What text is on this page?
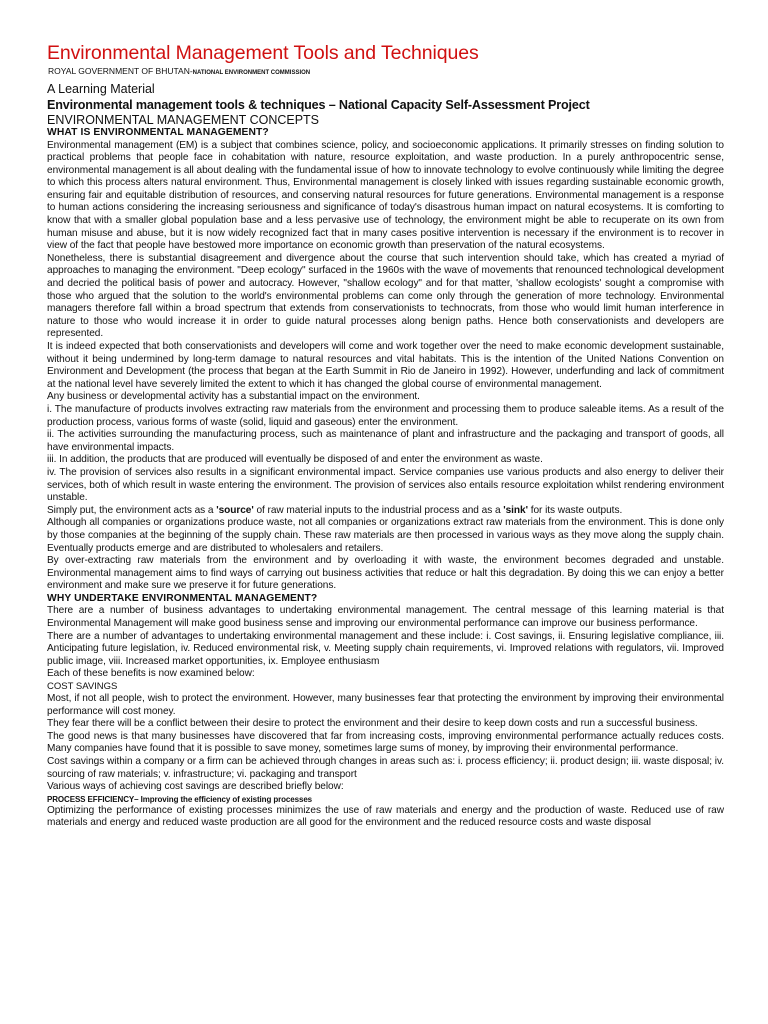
Environmental Management Tools and Techniques

ROYAL GOVERNMENT OF BHUTAN-NATIONAL ENVIRONMENT COMMISSION

A Learning Material

Environmental management tools & techniques – National Capacity Self-Assessment Project

ENVIRONMENTAL MANAGEMENT CONCEPTS

WHAT IS ENVIRONMENTAL MANAGEMENT?

Environmental management (EM) is a subject that combines science, policy, and socioeconomic applications. It primarily stresses on finding solution to practical problems that people face in cohabitation with nature, resource exploitation, and waste production. In a purely anthropocentric sense, environmental management is all about dealing with the fundamental issue of how to innovate technology to evolve continuously while limiting the degree to which this process alters natural environment. Thus, Environmental management is closely linked with issues regarding sustainable economic growth, ensuring fair and equitable distribution of resources, and conserving natural resources for future generations. Environmental management is a response to human actions considering the increasing seriousness and significance of today's disastrous human impact on natural ecosystems. It is comforting to know that with a smaller global population base and a less pervasive use of technology, the environment might be able to recuperate on its own from human misuse and abuse, but it is now widely recognized fact that in many cases positive intervention is necessary if the environment is to recover in view of the fact that people have bestowed more importance on economic growth than preservation of the natural ecosystems.

Nonetheless, there is substantial disagreement and divergence about the course that such intervention should take, which has created a myriad of approaches to managing the environment. "Deep ecology" surfaced in the 1960s with the wave of movements that renounced technological development and decried the political basis of power and autocracy. However, "shallow ecology" and for that matter, 'shallow ecologists' sought a compromise with those who argued that the solution to the world's environmental problems can come only through the generation of more technology. Environmental managers therefore fall within a broad spectrum that extends from conservationists to technocrats, from those who would limit human interference in nature to those who would increase it in order to guide natural processes along benign paths. Hence both conservationists and developers are represented.

It is indeed expected that both conservationists and developers will come and work together over the need to make economic development sustainable, without it being undermined by long-term damage to natural resources and vital habitats. This is the intention of the United Nations Convention on Environment and Development (the process that began at the Earth Summit in Rio de Janeiro in 1992). However, underfunding and lack of commitment at the national level have severely limited the extent to which it has changed the global course of environmental management.

Any business or developmental activity has a substantial impact on the environment.

i. The manufacture of products involves extracting raw materials from the environment and processing them to produce saleable items. As a result of the production process, various forms of waste (solid, liquid and gaseous) enter the environment.

ii. The activities surrounding the manufacturing process, such as maintenance of plant and infrastructure and the packaging and transport of goods, all have environmental impacts.

iii. In addition, the products that are produced will eventually be disposed of and enter the environment as waste.

iv. The provision of services also results in a significant environmental impact. Service companies use various products and also energy to deliver their services, both of which result in waste entering the environment. The provision of services also entails resource exploitation whilst rendering environment unstable.

Simply put, the environment acts as a 'source' of raw material inputs to the industrial process and as a 'sink' for its waste outputs.

Although all companies or organizations produce waste, not all companies or organizations extract raw materials from the environment. This is done only by those companies at the beginning of the supply chain. These raw materials are then processed in various ways as they move along the supply chain. Eventually products emerge and are distributed to wholesalers and retailers.

By over-extracting raw materials from the environment and by overloading it with waste, the environment becomes degraded and unstable. Environmental management aims to find ways of carrying out business activities that reduce or halt this degradation. By doing this we can enjoy a better environment and make sure we preserve it for future generations.

WHY UNDERTAKE ENVIRONMENTAL MANAGEMENT?

There are a number of business advantages to undertaking environmental management. The central message of this learning material is that Environmental Management will make good business sense and improving our environmental performance can improve our business performance.

There are a number of advantages to undertaking environmental management and these include: i. Cost savings, ii. Ensuring legislative compliance, iii. Anticipating future legislation, iv. Reduced environmental risk, v. Meeting supply chain requirements, vi. Improved relations with regulators, vii. Improved public image, viii. Increased market opportunities, ix. Employee enthusiasm

Each of these benefits is now examined below:

COST SAVINGS

Most, if not all people, wish to protect the environment. However, many businesses fear that protecting the environment by improving their environmental performance will cost money.

They fear there will be a conflict between their desire to protect the environment and their desire to keep down costs and run a successful business.

The good news is that many businesses have discovered that far from increasing costs, improving environmental performance actually reduces costs. Many companies have found that it is possible to save money, sometimes large sums of money, by improving their environmental performance.

Cost savings within a company or a firm can be achieved through changes in areas such as: i. process efficiency; ii. product design; iii. waste disposal; iv. sourcing of raw materials; v. infrastructure; vi. packaging and transport

Various ways of achieving cost savings are described briefly below:

PROCESS EFFICIENCY– Improving the efficiency of existing processes

Optimizing the performance of existing processes minimizes the use of raw materials and energy and the production of waste. Reduced use of raw materials and energy and reduced waste production are all good for the environment and the reduced resource costs and waste disposal
